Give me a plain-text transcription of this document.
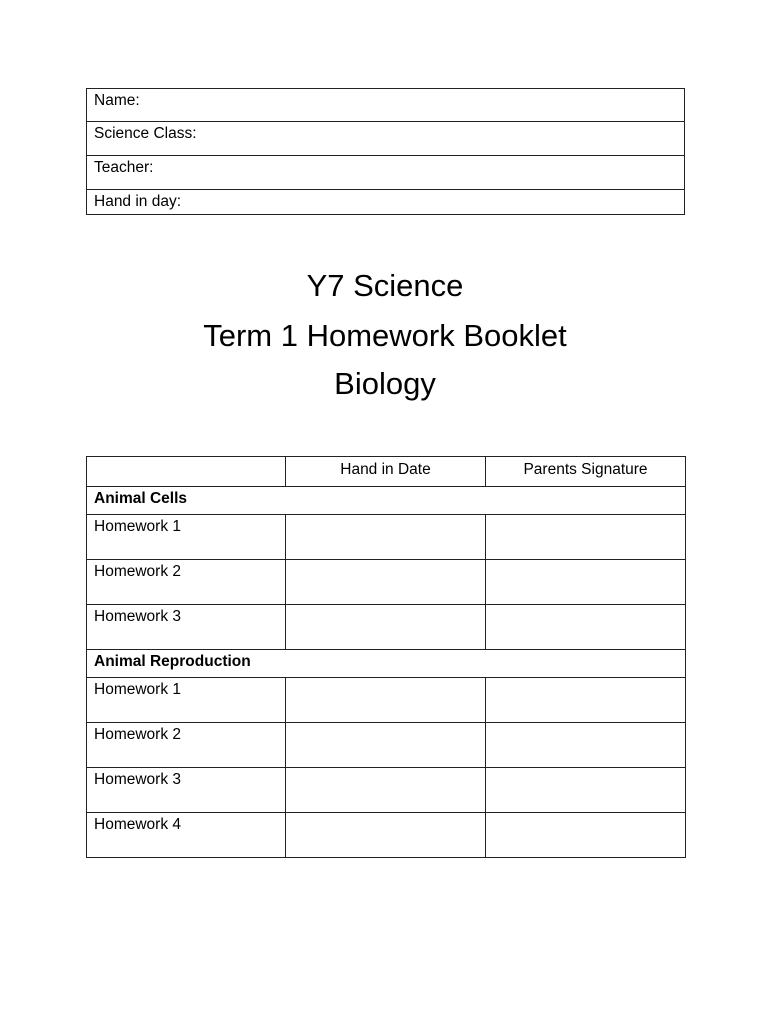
Name:
Science Class:
Teacher:
Hand in day:
Y7 Science
Term 1 Homework Booklet
Biology
	Hand in Date	Parents Signature
Animal Cells		
Homework 1		
Homework 2		
Homework 3		
Animal Reproduction		
Homework 1		
Homework 2		
Homework 3		
Homework 4		
